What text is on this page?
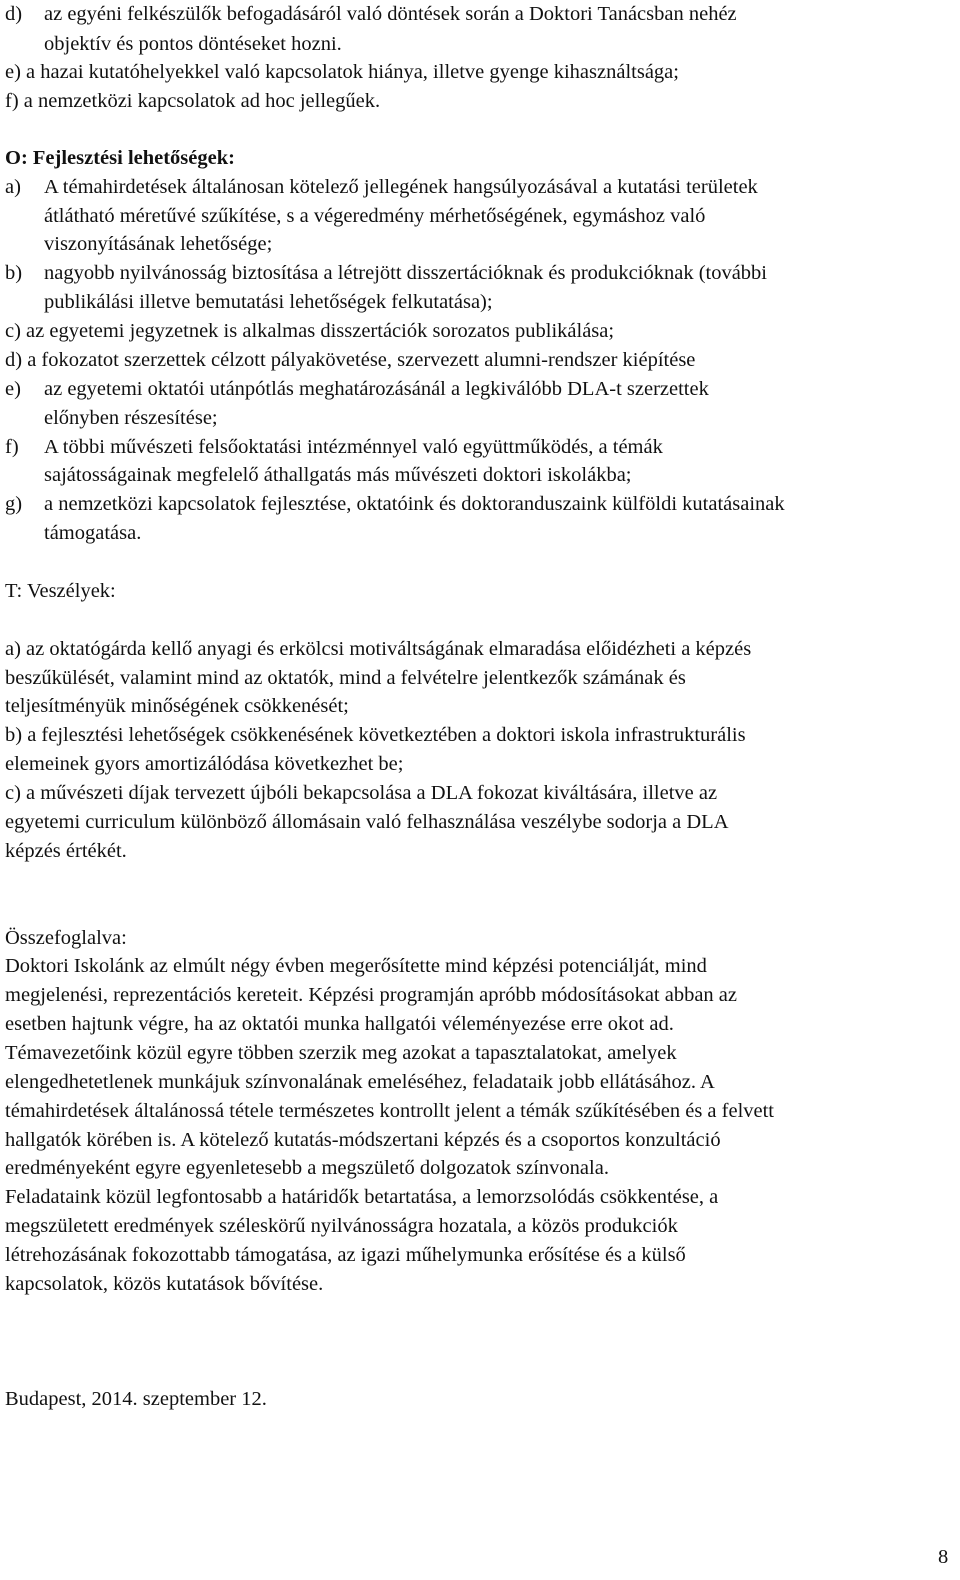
d) az egyéni felkészülők befogadásáról való döntések során a Doktori Tanácsban nehéz
objektív és pontos döntéseket hozni.
e) a hazai kutatóhelyekkel való kapcsolatok hiánya, illetve gyenge kihasználtsága;
f) a nemzetközi kapcsolatok ad hoc jellegűek.
O: Fejlesztési lehetőségek:
a) A témahirdetések általánosan kötelező jellegének hangsúlyozásával a kutatási területek
átlátható méretűvé szűkítése, s a végeredmény mérhetőségének, egymáshoz való
viszonyításának lehetősége;
b) nagyobb nyilvánosság biztosítása a létrejött disszertációknak és produkcióknak (további
publikálási illetve bemutatási lehetőségek felkutatása);
c) az egyetemi jegyzetnek is alkalmas disszertációk sorozatos publikálása;
d) a fokozatot szerzettek célzott pályakövetése, szervezett alumni-rendszer kiépítése
e) az egyetemi oktatói utánpótlás meghatározásánál a legkiválóbb DLA-t szerzettek
előnyben részesítése;
f) A többi művészeti felsőoktatási intézménnyel való együttműködés, a témák
sajátosságainak megfelelő áthallgatás más művészeti doktori iskolákba;
g) a nemzetközi kapcsolatok fejlesztése, oktatóink és doktoranduszaink külföldi kutatásainak
támogatása.
T: Veszélyek:
a) az oktatógárda kellő anyagi és erkölcsi motiváltságának elmaradása előidézheti a képzés
beszűkülését, valamint mind az oktatók, mind a felvételre jelentkezők számának és
teljesítményük minőségének csökkenését;
b) a fejlesztési lehetőségek csökkenésének következtében a doktori iskola infrastrukturális
elemeinek gyors amortizálódása következhet be;
c) a művészeti díjak tervezett újbóli bekapcsolása a DLA fokozat kiváltására, illetve az
egyetemi curriculum különböző állomásain való felhasználása veszélybe sodorja a DLA
képzés értékét.
Összefoglalva:
Doktori Iskolánk az elmúlt négy évben megerősítette mind képzési potenciálját, mind
megjelenési, reprezentációs kereteit. Képzési programján apróbb módosításokat abban az
esetben hajtunk végre, ha az oktatói munka hallgatói véleményezése erre okot ad.
Témavezetőink közül egyre többen szerzik meg azokat a tapasztalatokat, amelyek
elengedhetetlenek munkájuk színvonalának emeléséhez, feladataik jobb ellátásához. A
témahirdetések általánossá tétele természetes kontrollt jelent a témák szűkítésében és a felvett
hallgatók körében is. A kötelező kutatás-módszertani képzés és a csoportos konzultáció
eredményeként egyre egyenletesebb a megszülető dolgozatok színvonala.
Feladataink közül legfontosabb a határidők betartatása, a lemorzsolódás csökkentése, a
megszületett eredmények széleskörű nyilvánosságra hozatala, a közös produkciók
létrehozásának fokozottabb támogatása, az igazi műhelymunka erősítése és a külső
kapcsolatok, közös kutatások bővítése.
Budapest, 2014. szeptember 12.
8
